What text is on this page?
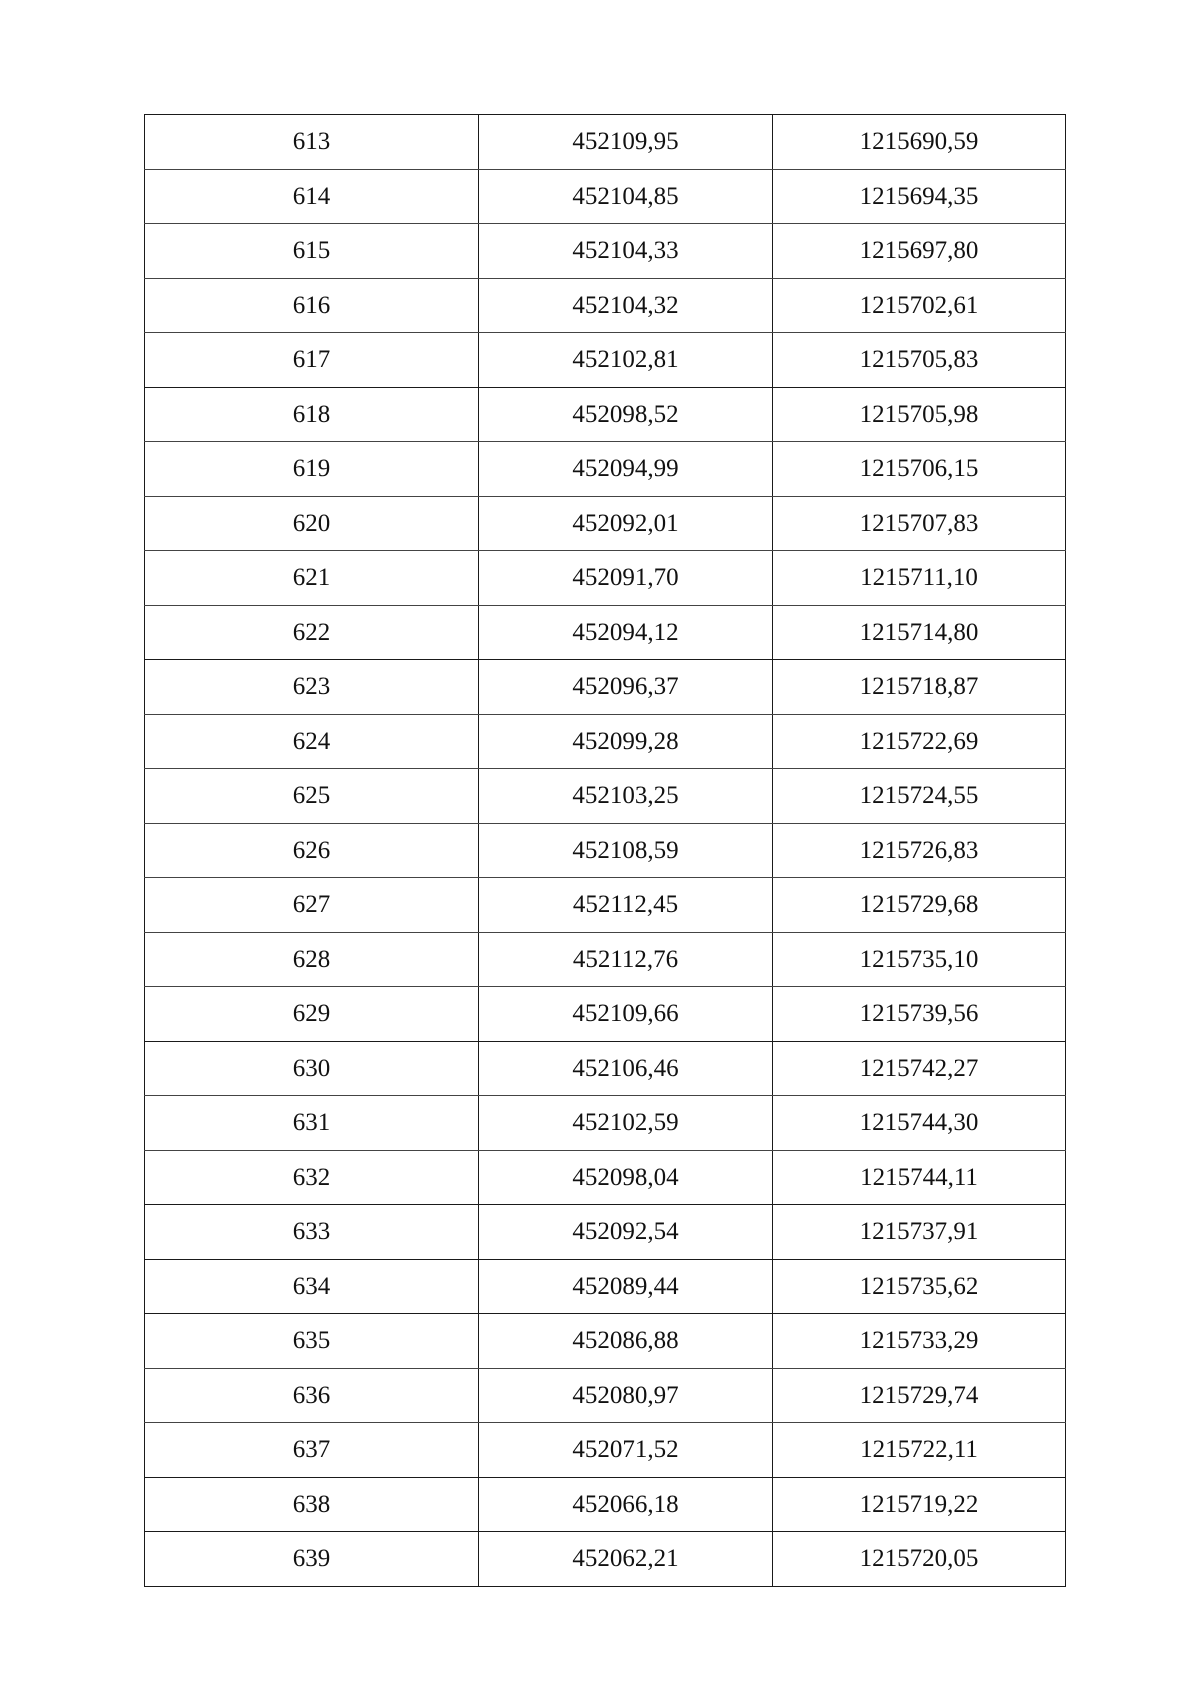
613	452109,95	1215690,59
614	452104,85	1215694,35
615	452104,33	1215697,80
616	452104,32	1215702,61
617	452102,81	1215705,83
618	452098,52	1215705,98
619	452094,99	1215706,15
620	452092,01	1215707,83
621	452091,70	1215711,10
622	452094,12	1215714,80
623	452096,37	1215718,87
624	452099,28	1215722,69
625	452103,25	1215724,55
626	452108,59	1215726,83
627	452112,45	1215729,68
628	452112,76	1215735,10
629	452109,66	1215739,56
630	452106,46	1215742,27
631	452102,59	1215744,30
632	452098,04	1215744,11
633	452092,54	1215737,91
634	452089,44	1215735,62
635	452086,88	1215733,29
636	452080,97	1215729,74
637	452071,52	1215722,11
638	452066,18	1215719,22
639	452062,21	1215720,05
